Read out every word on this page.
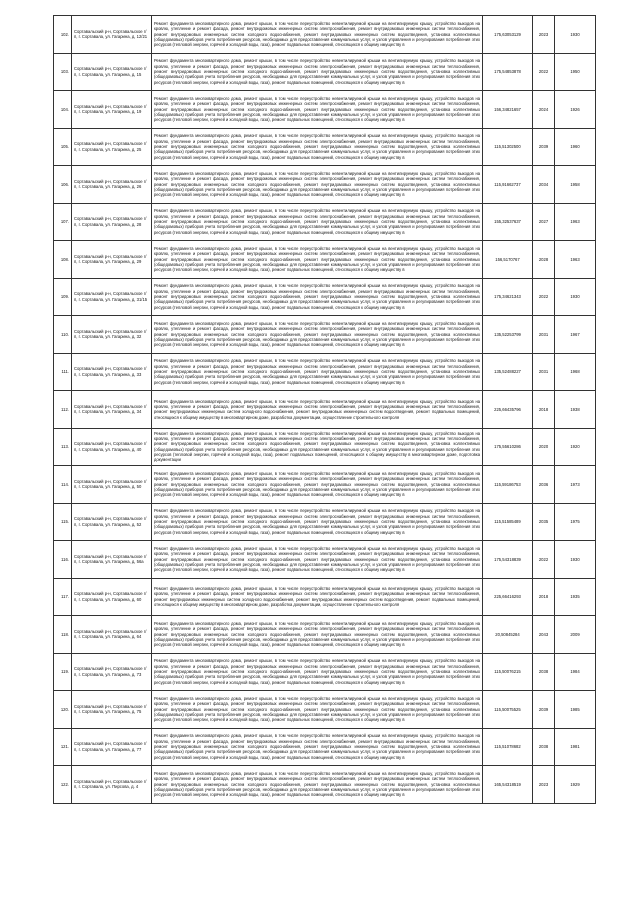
102.	Сортавальский р-н, Сортавальское г/п, г. Сортавала, ул. Гагарина, д. 12/21	Ремонт фундамента многоквартирного дома, ремонт крыши, в том числе переустройство невентилируемой крыши на вентилируемую крышу, устройство выходов на кровлю, утепление и ремонт фасада, ремонт внутридомовых инженерных систем электроснабжения, ремонт внутридомовых инженерных систем теплоснабжения, ремонт внутридомовых инженерных систем холодного водоснабжения, ремонт внутридомовых инженерных систем водоотведения, установка коллективных (общедомовых) приборов учета потребления ресурсов, необходимых для предоставления коммунальных услуг, и узлов управления и регулирования потребления этих ресурсов (тепловой энергии, горячей и холодной воды, газа), ремонт подвальных помещений, относящихся к общему имуществу в	175,63053129	2023	1930
103.	Сортавальский р-н, Сортавальское г/п, г. Сортавала, ул. Гагарина, д. 15	Ремонт фундамента многоквартирного дома, ремонт крыши, в том числе переустройство невентилируемой крыши на вентилируемую крышу, устройство выходов на кровлю, утепление и ремонт фасада, ремонт внутридомовых инженерных систем электроснабжения, ремонт внутридомовых инженерных систем теплоснабжения, ремонт внутридомовых инженерных систем холодного водоснабжения, ремонт внутридомовых инженерных систем водоотведения, установка коллективных (общедомовых) приборов учета потребления ресурсов, необходимых для предоставления коммунальных услуг, и узлов управления и регулирования потребления этих ресурсов (тепловой энергии, горячей и холодной воды, газа), ремонт подвальных помещений, относящихся к общему имуществу в	175,54853878	2022	1950
104.	Сортавальский р-н, Сортавальское г/п, г. Сортавала, ул. Гагарина, д. 19	Ремонт фундамента многоквартирного дома, ремонт крыши, в том числе переустройство невентилируемой крыши на вентилируемую крышу, устройство выходов на кровлю, утепление и ремонт фасада, ремонт внутридомовых инженерных систем электроснабжения, ремонт внутридомовых инженерных систем теплоснабжения, ремонт внутридомовых инженерных систем холодного водоснабжения, ремонт внутридомовых инженерных систем водоотведения, установка коллективных (общедомовых) приборов учета потребления ресурсов, необходимых для предоставления коммунальных услуг, и узлов управления и регулирования потребления этих ресурсов (тепловой энергии, горячей и холодной воды, газа), ремонт подвальных помещений, относящихся к общему имуществу в	156,34821657	2024	1926
105.	Сортавальский р-н, Сортавальское г/п, г. Сортавала, ул. Гагарина, д. 25	Ремонт фундамента многоквартирного дома, ремонт крыши, в том числе переустройство невентилируемой крыши на вентилируемую крышу, устройство выходов на кровлю, утепление и ремонт фасада, ремонт внутридомовых инженерных систем электроснабжения, ремонт внутридомовых инженерных систем теплоснабжения, ремонт внутридомовых инженерных систем холодного водоснабжения, ремонт внутридомовых инженерных систем водоотведения, установка коллективных (общедомовых) приборов учета потребления ресурсов, необходимых для предоставления коммунальных услуг, и узлов управления и регулирования потребления этих ресурсов (тепловой энергии, горячей и холодной воды, газа), ремонт подвальных помещений, относящихся к общему имуществу в	115,51302500	2039	1960
106.	Сортавальский р-н, Сортавальское г/п, г. Сортавала, ул. Гагарина, д. 26	Ремонт фундамента многоквартирного дома, ремонт крыши, в том числе переустройство невентилируемой крыши на вентилируемую крышу, устройство выходов на кровлю, утепление и ремонт фасада, ремонт внутридомовых инженерных систем электроснабжения, ремонт внутридомовых инженерных систем теплоснабжения, ремонт внутридомовых инженерных систем холодного водоснабжения, ремонт внутридомовых инженерных систем водоотведения, установка коллективных (общедомовых) приборов учета потребления ресурсов, необходимых для предоставления коммунальных услуг, и узлов управления и регулирования потребления этих ресурсов (тепловой энергии, горячей и холодной воды, газа), ремонт подвальных помещений, относящихся к общему имуществу в	115,91662737	2034	1958
107.	Сортавальский р-н, Сортавальское г/п, г. Сортавала, ул. Гагарина, д. 28	Ремонт фундамента многоквартирного дома, ремонт крыши, в том числе переустройство невентилируемой крыши на вентилируемую крышу, устройство выходов на кровлю, утепление и ремонт фасада, ремонт внутридомовых инженерных систем электроснабжения, ремонт внутридомовых инженерных систем теплоснабжения, ремонт внутридомовых инженерных систем холодного водоснабжения, ремонт внутридомовых инженерных систем водоотведения, установка коллективных (общедомовых) приборов учета потребления ресурсов, необходимых для предоставления коммунальных услуг, и узлов управления и регулирования потребления этих ресурсов (тепловой энергии, горячей и холодной воды, газа), ремонт подвальных помещений, относящихся к общему имуществу в	155,32537637	2027	1963
108.	Сортавальский р-н, Сортавальское г/п, г. Сортавала, ул. Гагарина, д. 29	Ремонт фундамента многоквартирного дома, ремонт крыши, в том числе переустройство невентилируемой крыши на вентилируемую крышу, устройство выходов на кровлю, утепление и ремонт фасада, ремонт внутридомовых инженерных систем электроснабжения, ремонт внутридомовых инженерных систем теплоснабжения, ремонт внутридомовых инженерных систем холодного водоснабжения, ремонт внутридомовых инженерных систем водоотведения, установка коллективных (общедомовых) приборов учета потребления ресурсов, необходимых для предоставления коммунальных услуг, и узлов управления и регулирования потребления этих ресурсов (тепловой энергии, горячей и холодной воды, газа), ремонт подвальных помещений, относящихся к общему имуществу в	156,5170767	2028	1963
109.	Сортавальский р-н, Сортавальское г/п, г. Сортавала, ул. Гагарина, д. 31/15	Ремонт фундамента многоквартирного дома, ремонт крыши, в том числе переустройство невентилируемой крыши на вентилируемую крышу, устройство выходов на кровлю, утепление и ремонт фасада, ремонт внутридомовых инженерных систем электроснабжения, ремонт внутридомовых инженерных систем теплоснабжения, ремонт внутридомовых инженерных систем холодного водоснабжения, ремонт внутридомовых инженерных систем водоотведения, установка коллективных (общедомовых) приборов учета потребления ресурсов, необходимых для предоставления коммунальных услуг, и узлов управления и регулирования потребления этих ресурсов (тепловой энергии, горячей и холодной воды, газа), ремонт подвальных помещений, относящихся к общему имуществу в	175,34621343	2022	1930
110.	Сортавальский р-н, Сортавальское г/п, г. Сортавала, ул. Гагарина, д. 32	Ремонт фундамента многоквартирного дома, ремонт крыши, в том числе переустройство невентилируемой крыши на вентилируемую крышу, устройство выходов на кровлю, утепление и ремонт фасада, ремонт внутридомовых инженерных систем электроснабжения, ремонт внутридомовых инженерных систем теплоснабжения, ремонт внутридомовых инженерных систем холодного водоснабжения, ремонт внутридомовых инженерных систем водоотведения, установка коллективных (общедомовых) приборов учета потребления ресурсов, необходимых для предоставления коммунальных услуг, и узлов управления и регулирования потребления этих ресурсов (тепловой энергии, горячей и холодной воды, газа), ремонт подвальных помещений, относящихся к общему имуществу в	135,52253799	2031	1967
111.	Сортавальский р-н, Сортавальское г/п, г. Сортавала, ул. Гагарина, д. 33	Ремонт фундамента многоквартирного дома, ремонт крыши, в том числе переустройство невентилируемой крыши на вентилируемую крышу, устройство выходов на кровлю, утепление и ремонт фасада, ремонт внутридомовых инженерных систем электроснабжения, ремонт внутридомовых инженерных систем теплоснабжения, ремонт внутридомовых инженерных систем холодного водоснабжения, ремонт внутридомовых инженерных систем водоотведения, установка коллективных (общедомовых) приборов учета потребления ресурсов, необходимых для предоставления коммунальных услуг, и узлов управления и регулирования потребления этих ресурсов (тепловой энергии, горячей и холодной воды, газа), ремонт подвальных помещений, относящихся к общему имуществу в	135,52488227	2031	1968
112.	Сортавальский р-н, Сортавальское г/п, г. Сортавала, ул. Гагарина, д. 34	Ремонт фундамента многоквартирного дома, ремонт крыши, в том числе переустройство невентилируемой крыши на вентилируемую крышу, устройство выходов на кровлю, утепление и ремонт фасада, ремонт внутридомовых инженерных систем электроснабжения, ремонт внутридомовых инженерных систем теплоснабжения, ремонт внутридомовых инженерных систем холодного водоснабжения, ремонт внутридомовых инженерных систем водоотведения, ремонт подвальных помещений, относящихся к общему имуществу в многоквартирном доме, разработка документации, осуществление строительного контроля	225,66435796	2018	1938
113.	Сортавальский р-н, Сортавальское г/п, г. Сортавала, ул. Гагарина, д. 40	Ремонт фундамента многоквартирного дома, ремонт крыши, в том числе переустройство невентилируемой крыши на вентилируемую крышу, устройство выходов на кровлю, утепление и ремонт фасада, ремонт внутридомовых инженерных систем электроснабжения, ремонт внутридомовых инженерных систем теплоснабжения, ремонт внутридомовых инженерных систем холодного водоснабжения, ремонт внутридомовых инженерных систем водоотведения, установка коллективных (общедомовых) приборов учета потребления ресурсов, необходимых для предоставления коммунальных услуг, и узлов управления и регулирования потребления этих ресурсов (тепловой энергии, горячей и холодной воды, газа), ремонт подвальных помещений, относящихся к общему имуществу в многоквартирном доме, подготовка документации	175,55610286	2020	1920
114.	Сортавальский р-н, Сортавальское г/п, г. Сортавала, ул. Гагарина, д. 50	Ремонт фундамента многоквартирного дома, ремонт крыши, в том числе переустройство невентилируемой крыши на вентилируемую крышу, устройство выходов на кровлю, утепление и ремонт фасада, ремонт внутридомовых инженерных систем электроснабжения, ремонт внутридомовых инженерных систем теплоснабжения, ремонт внутридомовых инженерных систем холодного водоснабжения, ремонт внутридомовых инженерных систем водоотведения, установка коллективных (общедомовых) приборов учета потребления ресурсов, необходимых для предоставления коммунальных услуг, и узлов управления и регулирования потребления этих ресурсов (тепловой энергии, горячей и холодной воды, газа), ремонт подвальных помещений, относящихся к общему имуществу в	115,59186753	2036	1973
115.	Сортавальский р-н, Сортавальское г/п, г. Сортавала, ул. Гагарина, д. 52	Ремонт фундамента многоквартирного дома, ремонт крыши, в том числе переустройство невентилируемой крыши на вентилируемую крышу, устройство выходов на кровлю, утепление и ремонт фасада, ремонт внутридомовых инженерных систем электроснабжения, ремонт внутридомовых инженерных систем теплоснабжения, ремонт внутридомовых инженерных систем холодного водоснабжения, ремонт внутридомовых инженерных систем водоотведения, установка коллективных (общедомовых) приборов учета потребления ресурсов, необходимых для предоставления коммунальных услуг, и узлов управления и регулирования потребления этих ресурсов (тепловой энергии, горячей и холодной воды, газа), ремонт подвальных помещений, относящихся к общему имуществу в	115,51585489	2035	1975
116.	Сортавальский р-н, Сортавальское г/п, г. Сортавала, ул. Гагарина, д. 56а	Ремонт фундамента многоквартирного дома, ремонт крыши, в том числе переустройство невентилируемой крыши на вентилируемую крышу, устройство выходов на кровлю, утепление и ремонт фасада, ремонт внутридомовых инженерных систем электроснабжения, ремонт внутридомовых инженерных систем теплоснабжения, ремонт внутридомовых инженерных систем холодного водоснабжения, ремонт внутридомовых инженерных систем водоотведения, установка коллективных (общедомовых) приборов учета потребления ресурсов, необходимых для предоставления коммунальных услуг, и узлов управления и регулирования потребления этих ресурсов (тепловой энергии, горячей и холодной воды, газа), ремонт подвальных помещений, относящихся к общему имуществу в	175,54318839	2022	1930
117.	Сортавальский р-н, Сортавальское г/п, г. Сортавала, ул. Гагарина, д. 60	Ремонт фундамента многоквартирного дома, ремонт крыши, в том числе переустройство невентилируемой крыши на вентилируемую крышу, устройство выходов на кровлю, утепление и ремонт фасада, ремонт внутридомовых инженерных систем электроснабжения, ремонт внутридомовых инженерных систем теплоснабжения, ремонт внутридомовых инженерных систем холодного водоснабжения, ремонт внутридомовых инженерных систем водоотведения, ремонт подвальных помещений, относящихся к общему имуществу в многоквартирном доме, разработка документации, осуществление строительного контроля	225,66416293	2018	1935
118.	Сортавальский р-н, Сортавальское г/п, г. Сортавала, ул. Гагарина, д. 64	Ремонт фундамента многоквартирного дома, ремонт крыши, в том числе переустройство невентилируемой крыши на вентилируемую крышу, устройство выходов на кровлю, утепление и ремонт фасада, ремонт внутридомовых инженерных систем электроснабжения, ремонт внутридомовых инженерных систем теплоснабжения, ремонт внутридомовых инженерных систем холодного водоснабжения, ремонт внутридомовых инженерных систем водоотведения, установка коллективных (общедомовых) приборов учета потребления ресурсов, необходимых для предоставления коммунальных услуг, и узлов управления и регулирования потребления этих ресурсов (тепловой энергии, горячей и холодной воды, газа), ремонт подвальных помещений, относящихся к общему имуществу в	20,50845284	2043	2009
119.	Сортавальский р-н, Сортавальское г/п, г. Сортавала, ул. Гагарина, д. 73	Ремонт фундамента многоквартирного дома, ремонт крыши, в том числе переустройство невентилируемой крыши на вентилируемую крышу, устройство выходов на кровлю, утепление и ремонт фасада, ремонт внутридомовых инженерных систем электроснабжения, ремонт внутридомовых инженерных систем теплоснабжения, ремонт внутридомовых инженерных систем холодного водоснабжения, ремонт внутридомовых инженерных систем водоотведения, установка коллективных (общедомовых) приборов учета потребления ресурсов, необходимых для предоставления коммунальных услуг, и узлов управления и регулирования потребления этих ресурсов (тепловой энергии, горячей и холодной воды, газа), ремонт подвальных помещений, относящихся к общему имуществу в	115,50076215	2038	1984
120.	Сортавальский р-н, Сортавальское г/п, г. Сортавала, ул. Гагарина, д. 75	Ремонт фундамента многоквартирного дома, ремонт крыши, в том числе переустройство невентилируемой крыши на вентилируемую крышу, устройство выходов на кровлю, утепление и ремонт фасада, ремонт внутридомовых инженерных систем электроснабжения, ремонт внутридомовых инженерных систем теплоснабжения, ремонт внутридомовых инженерных систем холодного водоснабжения, ремонт внутридомовых инженерных систем водоотведения, установка коллективных (общедомовых) приборов учета потребления ресурсов, необходимых для предоставления коммунальных услуг, и узлов управления и регулирования потребления этих ресурсов (тепловой энергии, горячей и холодной воды, газа), ремонт подвальных помещений, относящихся к общему имуществу в	115,50075525	2039	1985
121.	Сортавальский р-н, Сортавальское г/п, г. Сортавала, ул. Гагарина, д. 77	Ремонт фундамента многоквартирного дома, ремонт крыши, в том числе переустройство невентилируемой крыши на вентилируемую крышу, устройство выходов на кровлю, утепление и ремонт фасада, ремонт внутридомовых инженерных систем электроснабжения, ремонт внутридомовых инженерных систем теплоснабжения, ремонт внутридомовых инженерных систем холодного водоснабжения, ремонт внутридомовых инженерных систем водоотведения, установка коллективных (общедомовых) приборов учета потребления ресурсов, необходимых для предоставления коммунальных услуг, и узлов управления и регулирования потребления этих ресурсов (тепловой энергии, горячей и холодной воды, газа), ремонт подвальных помещений, относящихся к общему имуществу в	115,51078682	2038	1981
122.	Сортавальский р-н, Сортавальское г/п, г. Сортавала, ул. Пирсова, д. 4	Ремонт фундамента многоквартирного дома, ремонт крыши, в том числе переустройство невентилируемой крыши на вентилируемую крышу, устройство выходов на кровлю, утепление и ремонт фасада, ремонт внутридомовых инженерных систем электроснабжения, ремонт внутридомовых инженерных систем теплоснабжения, ремонт внутридомовых инженерных систем холодного водоснабжения, ремонт внутридомовых инженерных систем водоотведения, установка коллективных (общедомовых) приборов учета потребления ресурсов, необходимых для предоставления коммунальных услуг, и узлов управления и регулирования потребления этих ресурсов (тепловой энергии, горячей и холодной воды, газа), ремонт подвальных помещений, относящихся к общему имуществу в	165,54318519	2023	1929
